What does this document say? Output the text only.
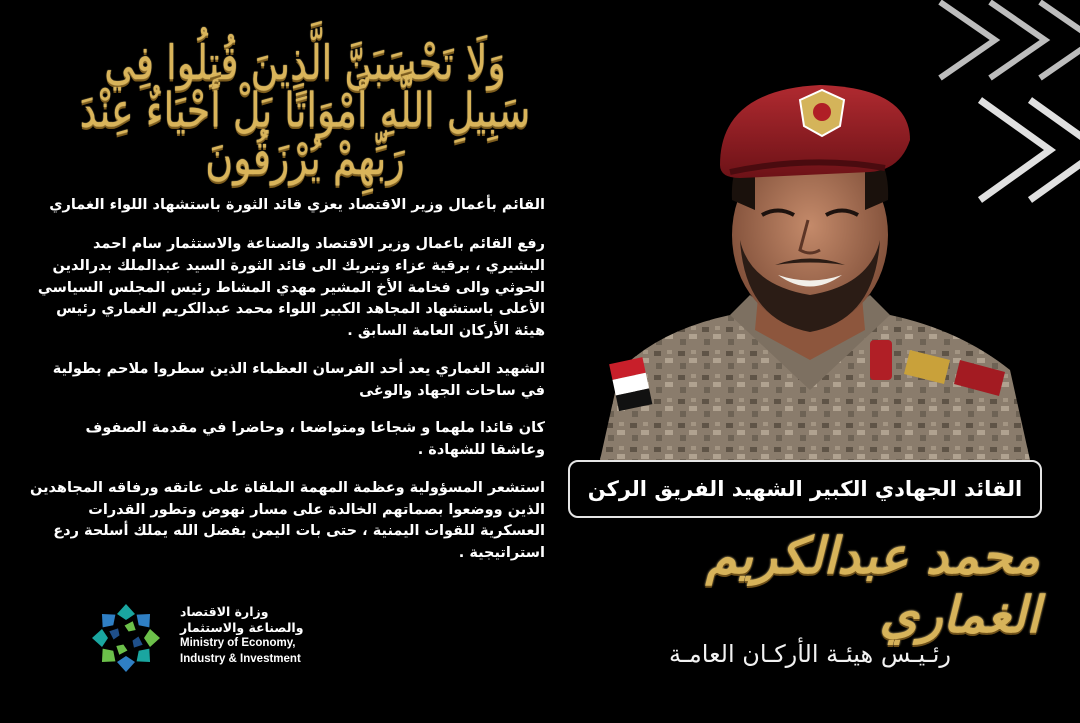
وَلَا تَحْسَبَنَّ الَّذِينَ قُتِلُوا فِي سَبِيلِ اللَّهِ أَمْوَاتًا بَلْ أَحْيَاءٌ عِنْدَ رَبِّهِمْ يُرْزَقُونَ
القائم بأعمال وزير الاقتصاد يعزي قائد الثورة باستشهاد اللواء الغماري

رفع القائم باعمال وزير الاقتصاد والصناعة والاستثمار سام احمد البشيري ، برقية عزاء وتبريك الى قائد الثورة السيد عبدالملك بدرالدين الحوثي والى فخامة الأخ المشير مهدي المشاط رئيس المجلس السياسي الأعلى باستشهاد المجاهد الكبير اللواء محمد عبدالكريم الغماري رئيس هيئة الأركان العامة السابق .

الشهيد الغماري يعد أحد الفرسان العظماء الذين سطروا ملاحم بطولية في ساحات الجهاد والوغى

كان قائدا ملهما و شجاعا ومتواضعا ، وحاضرا في مقدمة الصفوف وعاشقا للشهادة .

استشعر المسؤولية وعظمة المهمة الملقاة على عاتقه ورفاقه المجاهدين الذين ووضعوا بصماتهم الخالدة على مسار نهوض وتطور القدرات العسكرية للقوات اليمنية ، حتى بات اليمن بفضل الله يملك أسلحة ردع استراتيجية .

وزارة الاقتصاد
والصناعة والاستثمار
Ministry of Economy,
Industry & Investment
القائد الجهادي الكبير الشهيد الفريق الركن
محمد عبدالكريم الغماري
رئـيـس هيئـة الأركـان العامـة
